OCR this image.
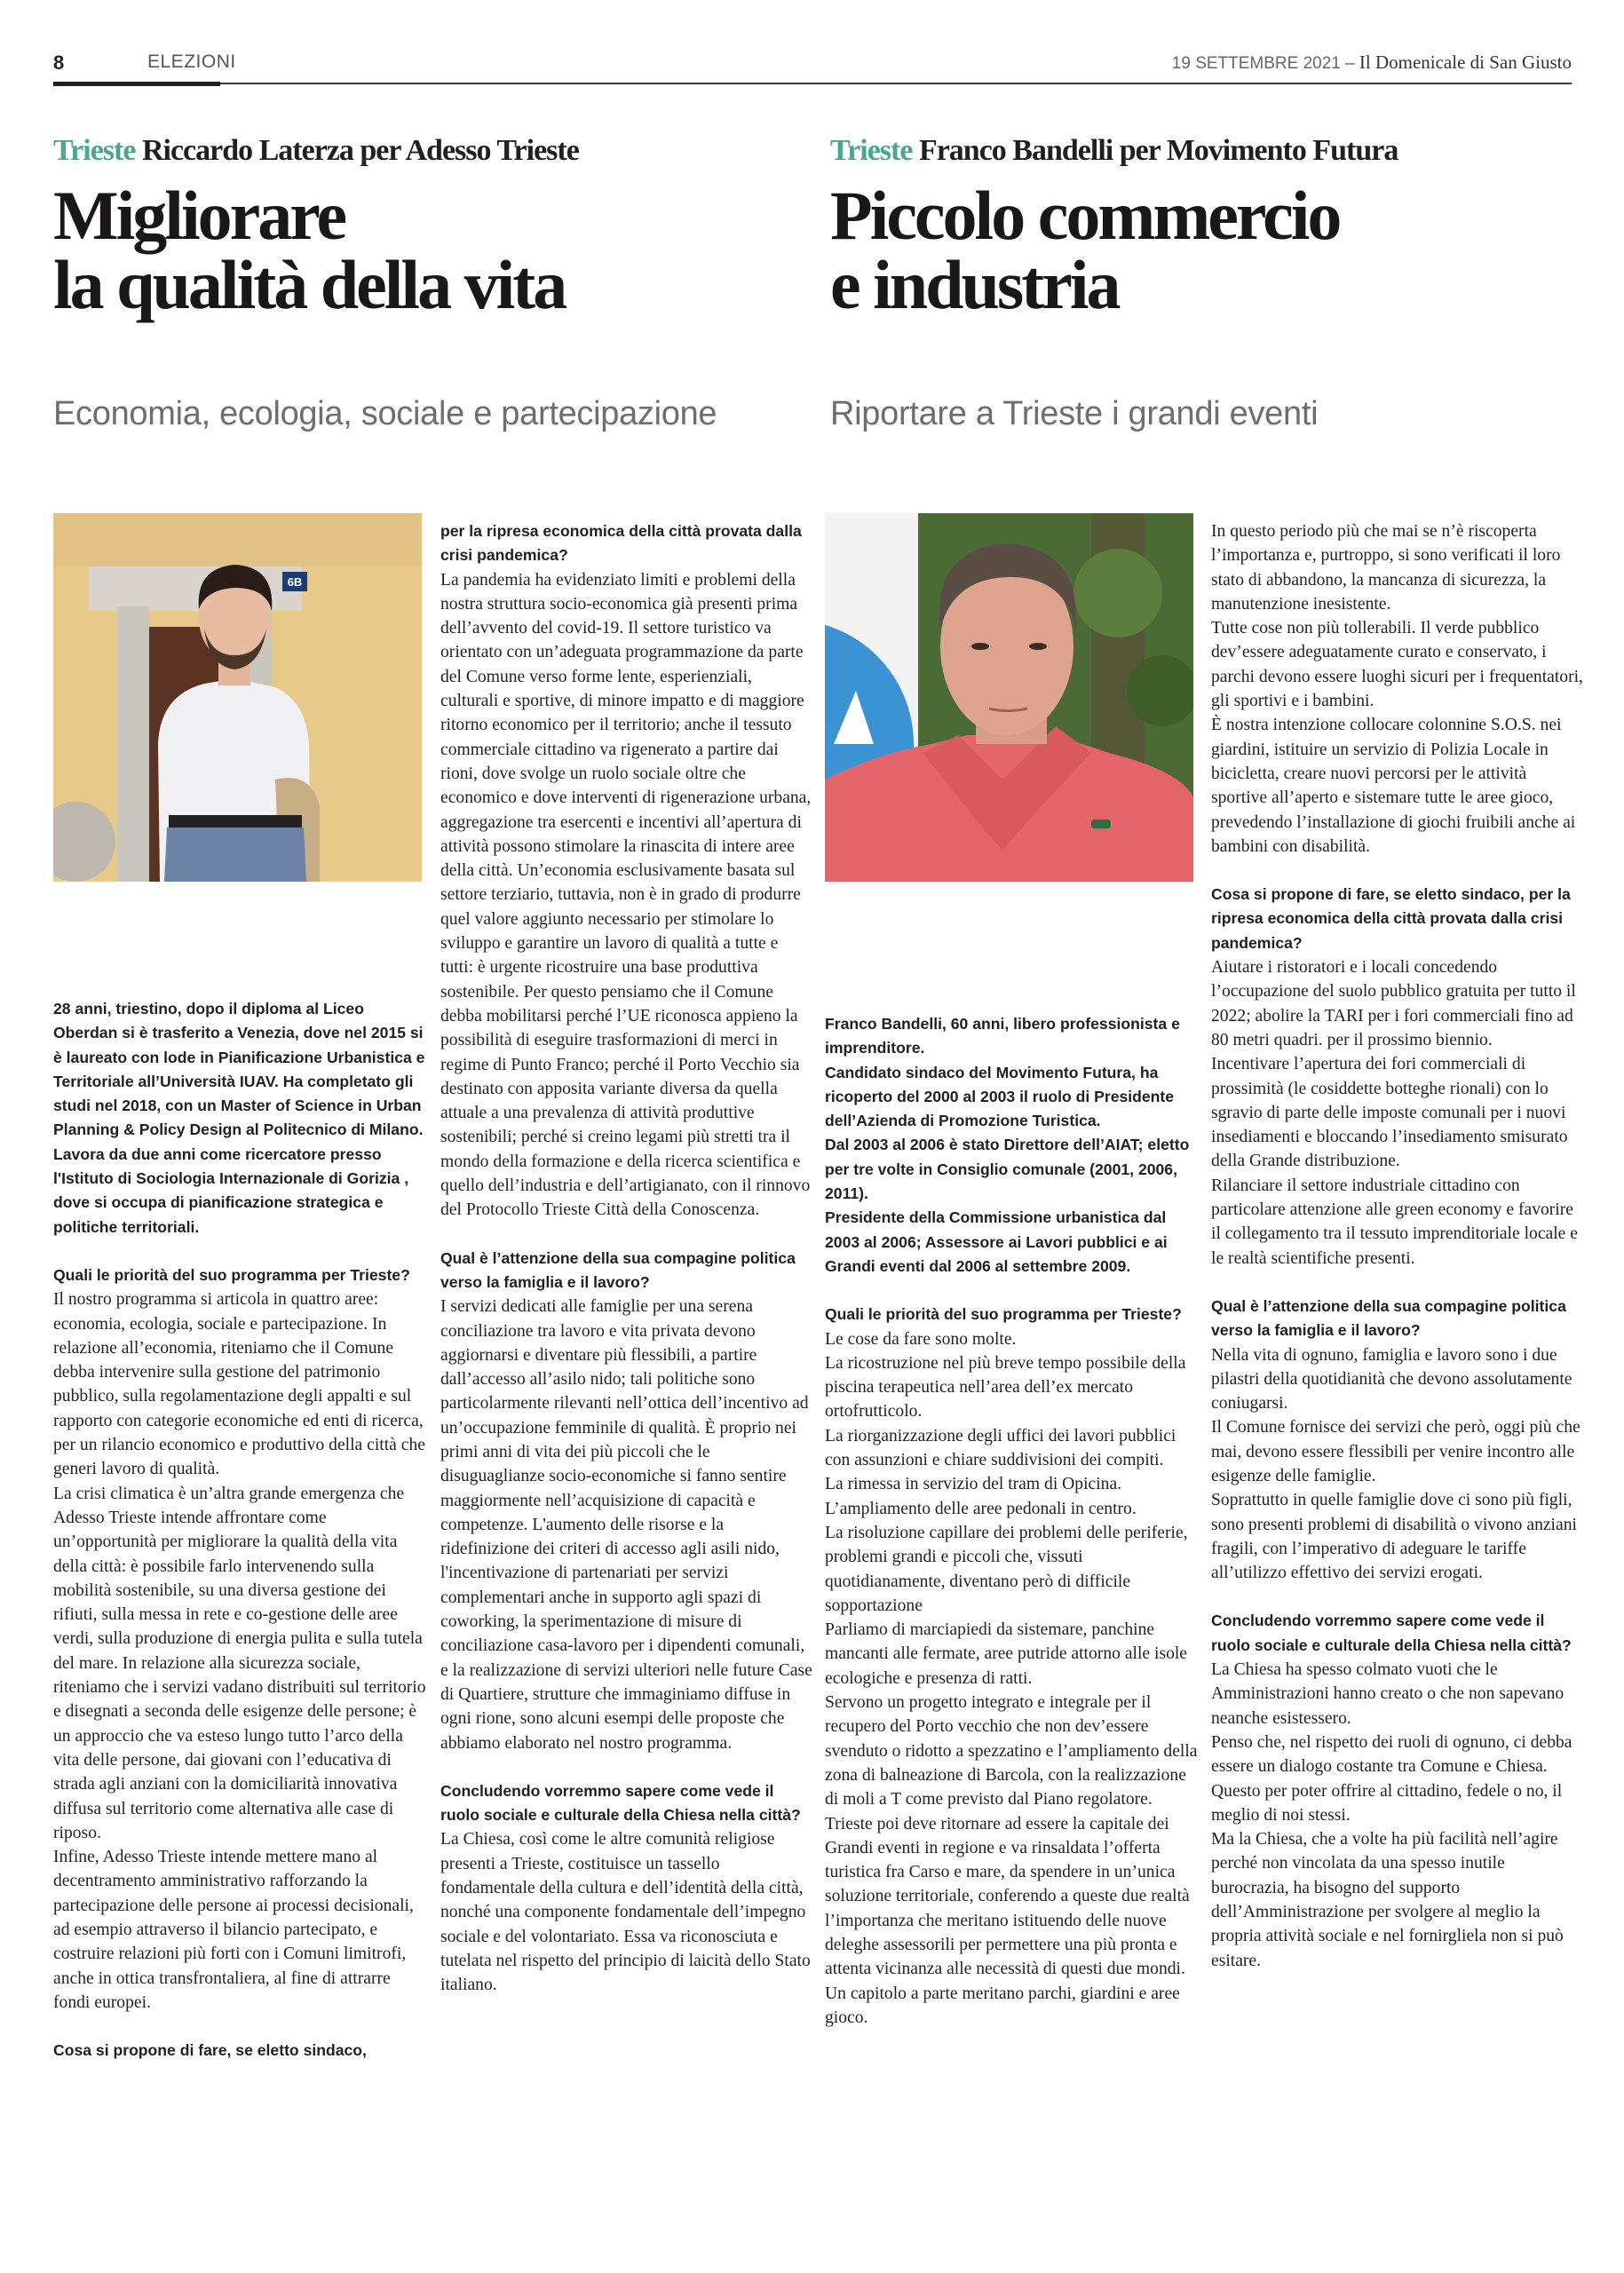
8	ELEZIONI	19 SETTEMBRE 2021 – Il Domenicale di San Giusto
Trieste Riccardo Laterza per Adesso Trieste
Migliorare
la qualità della vita
Economia, ecologia, sociale e partecipazione
Trieste Franco Bandelli per Movimento Futura
Piccolo commercio
e industria
Riportare a Trieste i grandi eventi
6B

28 anni, triestino, dopo il diploma al Liceo Oberdan si è trasferito a Venezia, dove nel 2015 si è laureato con lode in Pianificazione Urbanistica e Territoriale all’Università IUAV. Ha completato gli studi nel 2018, con un Master of Science in Urban Planning & Policy Design al Politecnico di Milano. Lavora da due anni come ricercatore presso l'Istituto di Sociologia Internazionale di Gorizia , dove si occupa di pianificazione strategica e politiche territoriali.

Quali le priorità del suo programma per Trieste?

Il nostro programma si articola in quattro aree: economia, ecologia, sociale e partecipazione. In relazione all’economia, riteniamo che il Comune debba intervenire sulla gestione del patrimonio pubblico, sulla regolamentazione degli appalti e sul rapporto con categorie economiche ed enti di ricerca, per un rilancio economico e produttivo della città che generi lavoro di qualità.

La crisi climatica è un’altra grande emergenza che Adesso Trieste intende affrontare come un’opportunità per migliorare la qualità della vita della città: è possibile farlo intervenendo sulla mobilità sostenibile, su una diversa gestione dei rifiuti, sulla messa in rete e co-gestione delle aree verdi, sulla produzione di energia pulita e sulla tutela del mare. In relazione alla sicurezza sociale, riteniamo che i servizi vadano distribuiti sul territorio e disegnati a seconda delle esigenze delle persone; è un approccio che va esteso lungo tutto l’arco della vita delle persone, dai giovani con l’educativa di strada agli anziani con la domiciliarità innovativa diffusa sul territorio come alternativa alle case di riposo.

Infine, Adesso Trieste intende mettere mano al decentramento amministrativo rafforzando la partecipazione delle persone ai processi decisionali, ad esempio attraverso il bilancio partecipato, e costruire relazioni più forti con i Comuni limitrofi, anche in ottica transfrontaliera, al fine di attrarre fondi europei.

Cosa si propone di fare, se eletto sindaco,

per la ripresa economica della città provata dalla crisi pandemica?

La pandemia ha evidenziato limiti e problemi della nostra struttura socio-economica già presenti prima dell’avvento del covid-19. Il settore turistico va orientato con un’adeguata programmazione da parte del Comune verso forme lente, esperienziali, culturali e sportive, di minore impatto e di maggiore ritorno economico per il territorio; anche il tessuto commerciale cittadino va rigenerato a partire dai rioni, dove svolge un ruolo sociale oltre che economico e dove interventi di rigenerazione urbana, aggregazione tra esercenti e incentivi all’apertura di attività possono stimolare la rinascita di intere aree della città. Un’economia esclusivamente basata sul settore terziario, tuttavia, non è in grado di produrre quel valore aggiunto necessario per stimolare lo sviluppo e garantire un lavoro di qualità a tutte e tutti: è urgente ricostruire una base produttiva sostenibile. Per questo pensiamo che il Comune debba mobilitarsi perché l’UE riconosca appieno la possibilità di eseguire trasformazioni di merci in regime di Punto Franco; perché il Porto Vecchio sia destinato con apposita variante diversa da quella attuale a una prevalenza di attività produttive sostenibili; perché si creino legami più stretti tra il mondo della formazione e della ricerca scientifica e quello dell’industria e dell’artigianato, con il rinnovo del Protocollo Trieste Città della Conoscenza.

Qual è l’attenzione della sua compagine politica verso la famiglia e il lavoro?

I servizi dedicati alle famiglie per una serena conciliazione tra lavoro e vita privata devono aggiornarsi e diventare più flessibili, a partire dall’accesso all’asilo nido; tali politiche sono particolarmente rilevanti nell’ottica dell’incentivo ad un’occupazione femminile di qualità. È proprio nei primi anni di vita dei più piccoli che le disuguaglianze socio-economiche si fanno sentire maggiormente nell’acquisizione di capacità e competenze. L'aumento delle risorse e la ridefinizione dei criteri di accesso agli asili nido, l'incentivazione di partenariati per servizi complementari anche in supporto agli spazi di coworking, la sperimentazione di misure di conciliazione casa-lavoro per i dipendenti comunali, e la realizzazione di servizi ulteriori nelle future Case di Quartiere, strutture che immaginiamo diffuse in ogni rione, sono alcuni esempi delle proposte che abbiamo elaborato nel nostro programma.

Concludendo vorremmo sapere come vede il ruolo sociale e culturale della Chiesa nella città?

La Chiesa, così come le altre comunità religiose presenti a Trieste, costituisce un tassello fondamentale della cultura e dell’identità della città, nonché una componente fondamentale dell’impegno sociale e del volontariato. Essa va riconosciuta e tutelata nel rispetto del principio di laicità dello Stato italiano.

Franco Bandelli, 60 anni, libero professionista e imprenditore.

Candidato sindaco del Movimento Futura, ha ricoperto del 2000 al 2003 il ruolo di Presidente dell’Azienda di Promozione Turistica.

Dal 2003 al 2006 è stato Direttore dell’AIAT; eletto per tre volte in Consiglio comunale (2001, 2006, 2011).

Presidente della Commissione urbanistica dal 2003 al 2006; Assessore ai Lavori pubblici e ai Grandi eventi dal 2006 al settembre 2009.

Quali le priorità del suo programma per Trieste?

Le cose da fare sono molte.

La ricostruzione nel più breve tempo possibile della piscina terapeutica nell’area dell’ex mercato ortofrutticolo.

La riorganizzazione degli uffici dei lavori pubblici con assunzioni e chiare suddivisioni dei compiti.

La rimessa in servizio del tram di Opicina.

L’ampliamento delle aree pedonali in centro.

La risoluzione capillare dei problemi delle periferie, problemi grandi e piccoli che, vissuti quotidianamente, diventano però di difficile sopportazione

Parliamo di marciapiedi da sistemare, panchine mancanti alle fermate, aree putride attorno alle isole ecologiche e presenza di ratti.

Servono un progetto integrato e integrale per il recupero del Porto vecchio che non dev’essere svenduto o ridotto a spezzatino e l’ampliamento della zona di balneazione di Barcola, con la realizzazione di moli a T come previsto dal Piano regolatore.

Trieste poi deve ritornare ad essere la capitale dei Grandi eventi in regione e va rinsaldata l’offerta turistica fra Carso e mare, da spendere in un’unica soluzione territoriale, conferendo a queste due realtà l’importanza che meritano istituendo delle nuove deleghe assessorili per permettere una più pronta e attenta vicinanza alle necessità di questi due mondi.

Un capitolo a parte meritano parchi, giardini e aree gioco.

In questo periodo più che mai se n’è riscoperta l’importanza e, purtroppo, si sono verificati il loro stato di abbandono, la mancanza di sicurezza, la manutenzione inesistente.

Tutte cose non più tollerabili. Il verde pubblico dev’essere adeguatamente curato e conservato, i parchi devono essere luoghi sicuri per i frequentatori, gli sportivi e i bambini.

È nostra intenzione collocare colonnine S.O.S. nei giardini, istituire un servizio di Polizia Locale in bicicletta, creare nuovi percorsi per le attività sportive all’aperto e sistemare tutte le aree gioco, prevedendo l’installazione di giochi fruibili anche ai bambini con disabilità.

Cosa si propone di fare, se eletto sindaco, per la ripresa economica della città provata dalla crisi pandemica?

Aiutare i ristoratori e i locali concedendo l’occupazione del suolo pubblico gratuita per tutto il 2022; abolire la TARI per i fori commerciali fino ad 80 metri quadri. per il prossimo biennio.

Incentivare l’apertura dei fori commerciali di prossimità (le cosiddette botteghe rionali) con lo sgravio di parte delle imposte comunali per i nuovi insediamenti e bloccando l’insediamento smisurato della Grande distribuzione.

Rilanciare il settore industriale cittadino con particolare attenzione alle green economy e favorire il collegamento tra il tessuto imprenditoriale locale e le realtà scientifiche presenti.

Qual è l’attenzione della sua compagine politica verso la famiglia e il lavoro?

Nella vita di ognuno, famiglia e lavoro sono i due pilastri della quotidianità che devono assolutamente coniugarsi.

Il Comune fornisce dei servizi che però, oggi più che mai, devono essere flessibili per venire incontro alle esigenze delle famiglie.

Soprattutto in quelle famiglie dove ci sono più figli, sono presenti problemi di disabilità o vivono anziani fragili, con l’imperativo di adeguare le tariffe all’utilizzo effettivo dei servizi erogati.

Concludendo vorremmo sapere come vede il ruolo sociale e culturale della Chiesa nella città?

La Chiesa ha spesso colmato vuoti che le Amministrazioni hanno creato o che non sapevano neanche esistessero.

Penso che, nel rispetto dei ruoli di ognuno, ci debba essere un dialogo costante tra Comune e Chiesa.

Questo per poter offrire al cittadino, fedele o no, il meglio di noi stessi.

Ma la Chiesa, che a volte ha più facilità nell’agire perché non vincolata da una spesso inutile burocrazia, ha bisogno del supporto dell’Amministrazione per svolgere al meglio la propria attività sociale e nel fornirgliela non si può esitare.
